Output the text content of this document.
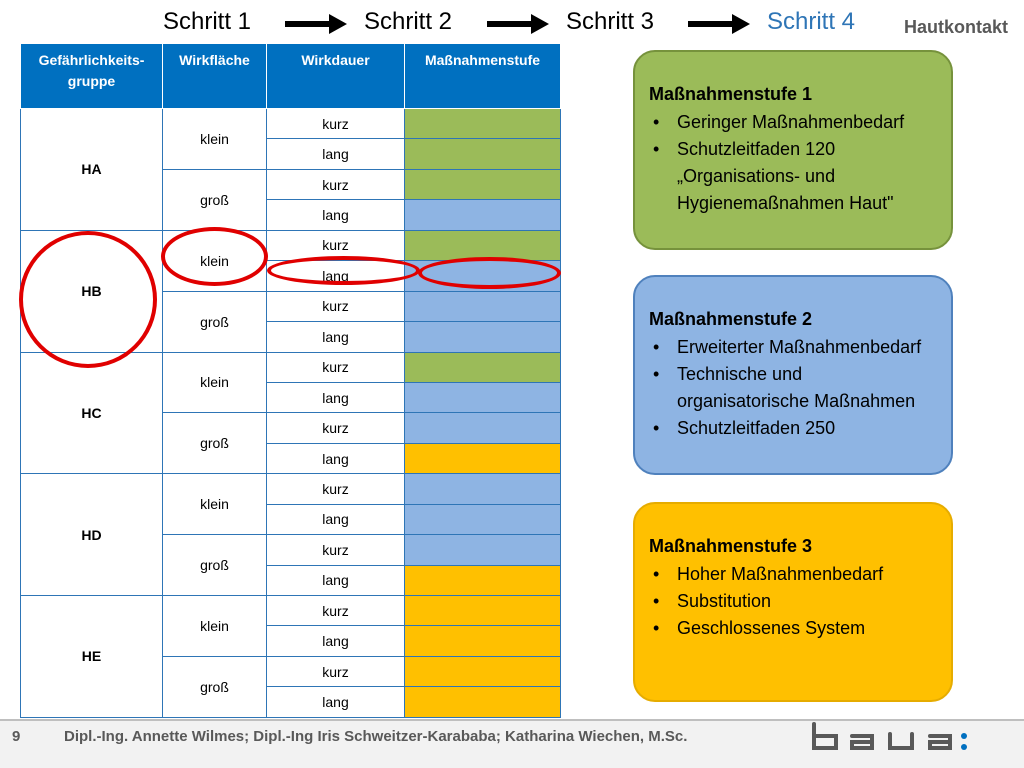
Schritt 1	Schritt 2	Schritt 3	Schritt 4	Hautkontakt
Gefährlichkeits-gruppe	Wirkfläche	Wirkdauer	Maßnahmenstufe
HA	klein	kurz	
		lang	
	groß	kurz	
		lang	
HB	klein	kurz	
		lang	
	groß	kurz	
		lang	
HC	klein	kurz	
		lang	
	groß	kurz	
		lang	
HD	klein	kurz	
		lang	
	groß	kurz	
		lang	
HE	klein	kurz	
		lang	
	groß	kurz	
		lang	
Maßnahmenstufe 1
• Geringer Maßnahmenbedarf
• Schutzleitfaden 120 „Organisations- und Hygienemaßnahmen Haut"
Maßnahmenstufe 2
• Erweiterter Maßnahmenbedarf
• Technische und organisatorische Maßnahmen
• Schutzleitfaden 250
Maßnahmenstufe 3
• Hoher Maßnahmenbedarf
• Substitution
• Geschlossenes System
9	Dipl.-Ing. Annette Wilmes; Dipl.-Ing Iris Schweitzer-Karababa; Katharina Wiechen, M.Sc.
